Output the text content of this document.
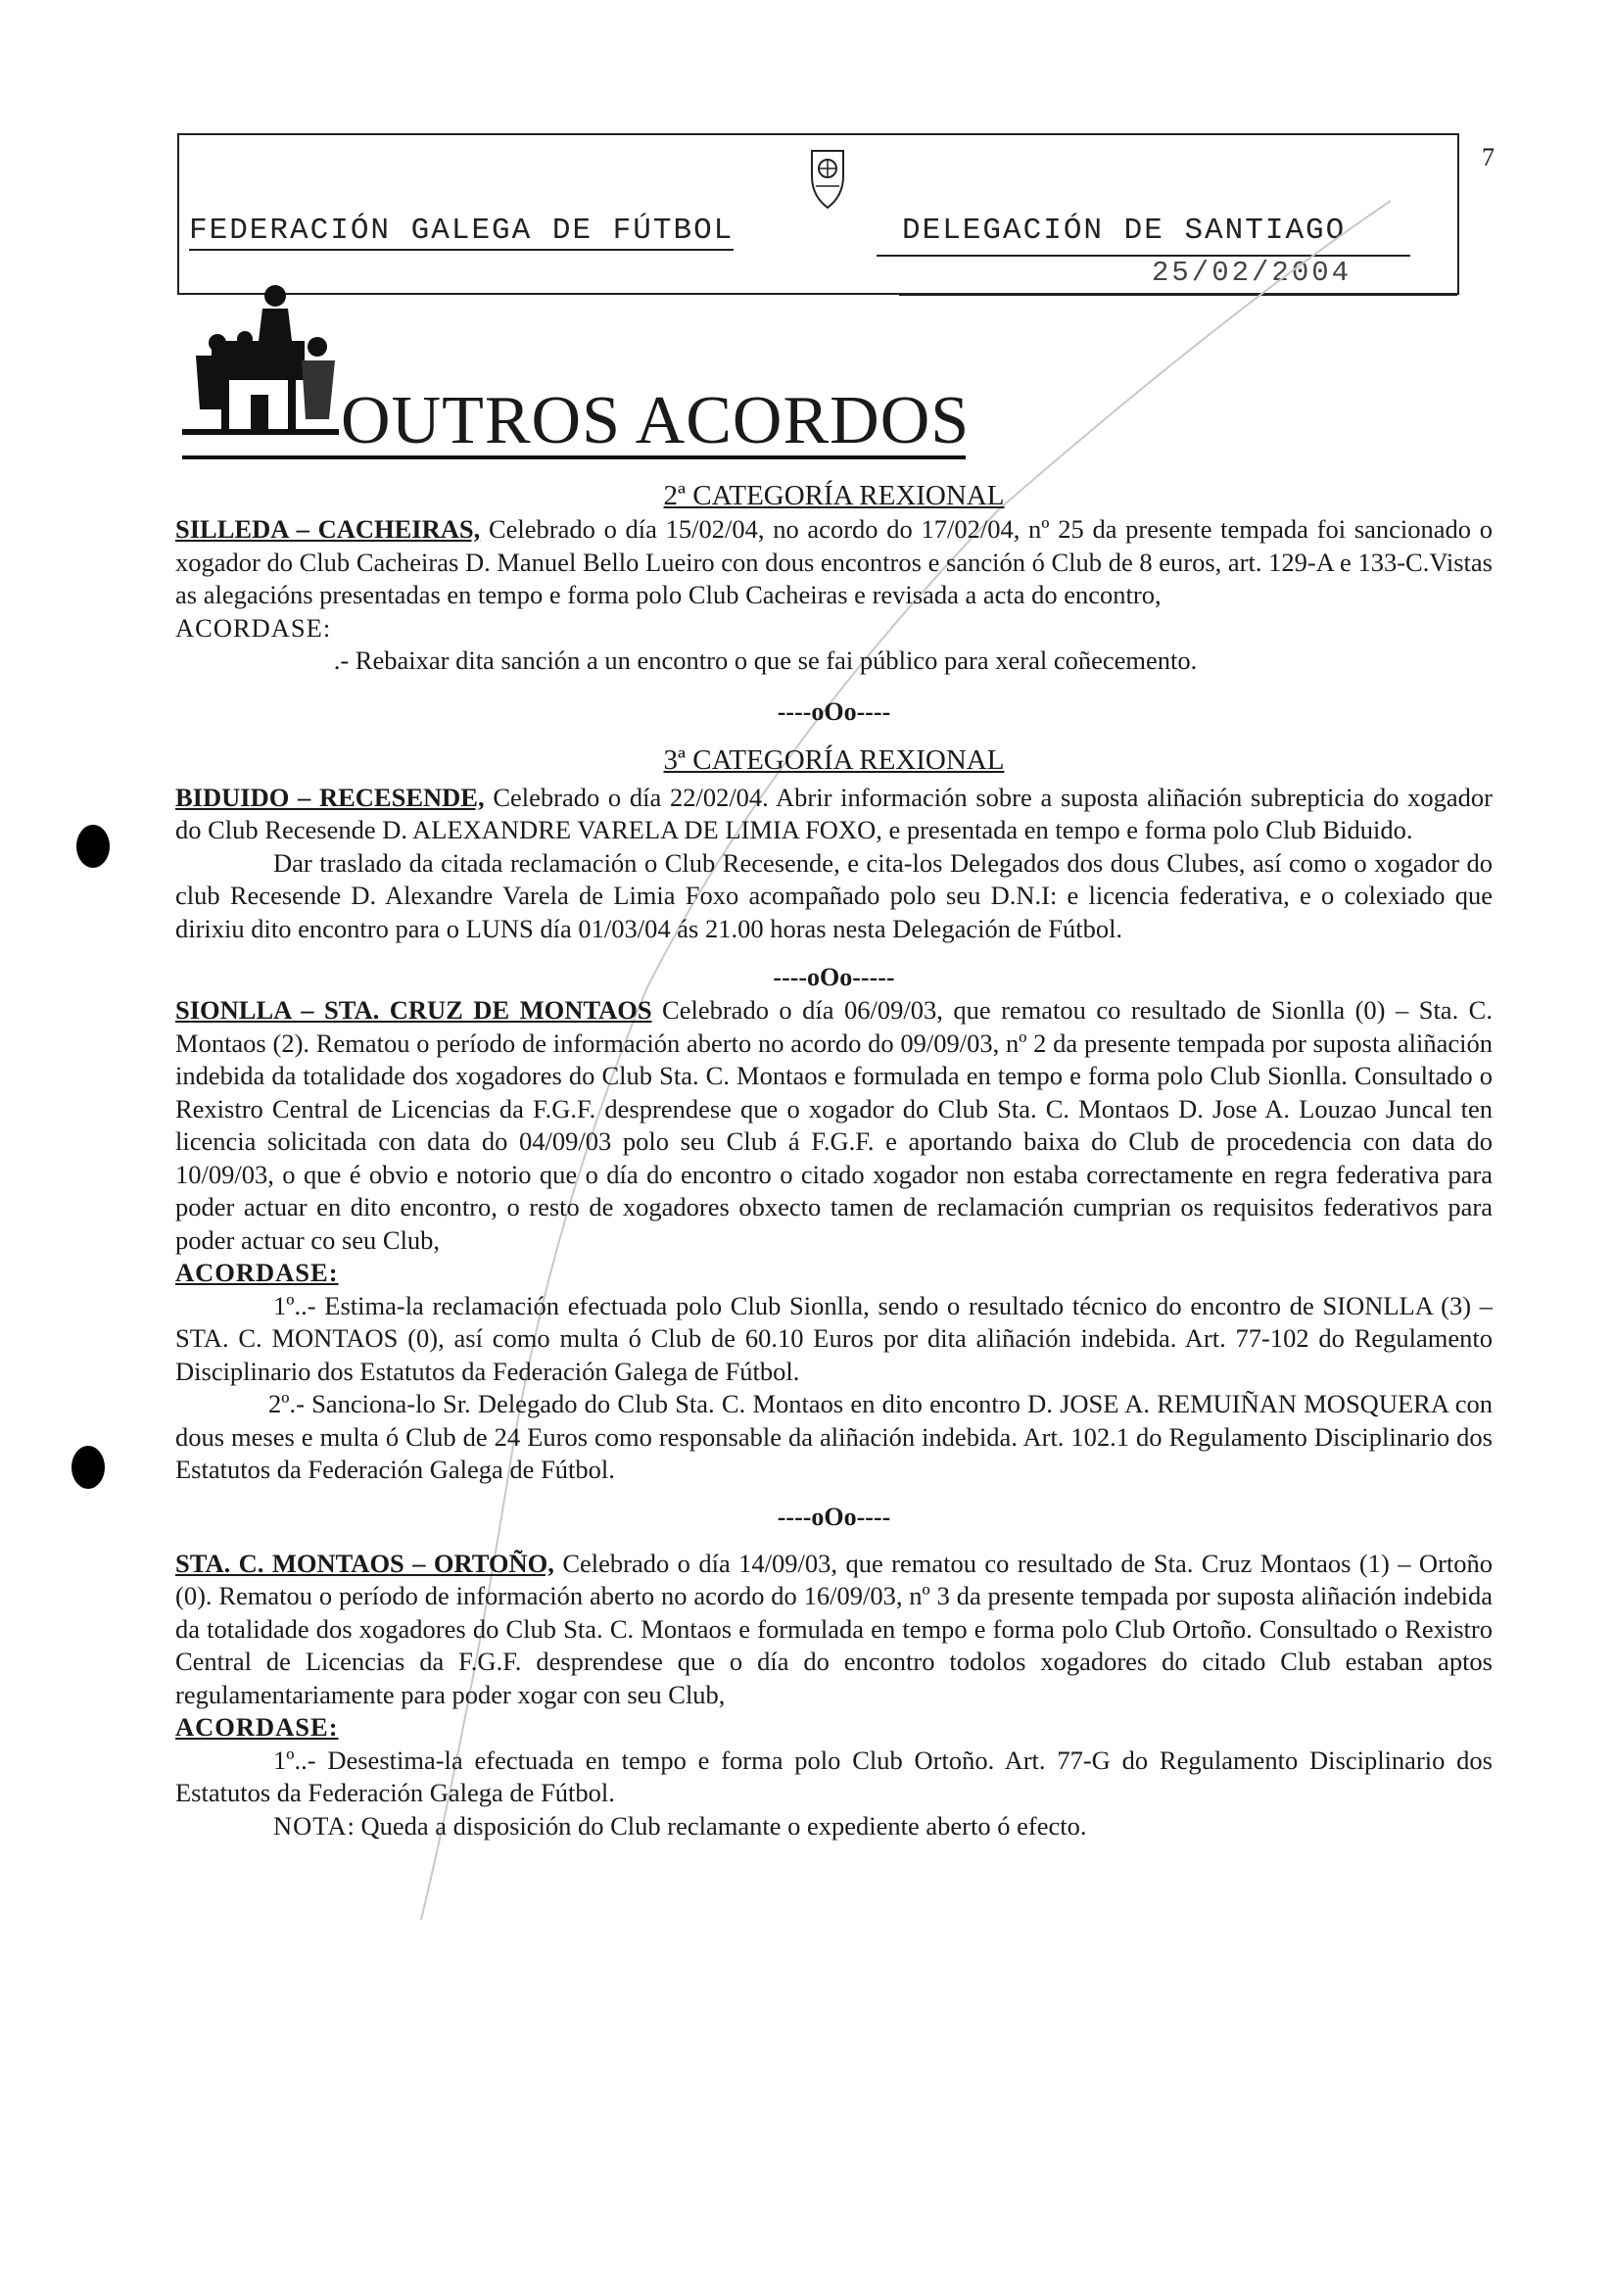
7
FEDERACIÓN GALEGA DE FÚTBOL	DELEGACIÓN DE SANTIAGO
25/02/2004
OUTROS ACORDOS
2ª CATEGORÍA REXIONAL

SILLEDA – CACHEIRAS, Celebrado o día 15/02/04, no acordo do 17/02/04, nº 25 da presente tempada foi sancionado o xogador do Club Cacheiras D. Manuel Bello Lueiro con dous encontros e sanción ó Club de 8 euros, art. 129-A e 133-C.Vistas as alegacións presentadas en tempo e forma polo Club Cacheiras e revisada a acta do encontro,

ACORDASE:

.- Rebaixar dita sanción a un encontro o que se fai público para xeral coñecemento.

----oOo----
3ª CATEGORÍA REXIONAL

BIDUIDO – RECESENDE, Celebrado o día 22/02/04. Abrir información sobre a suposta aliñación subrepticia do xogador do Club Recesende D. ALEXANDRE VARELA DE LIMIA FOXO, e presentada en tempo e forma polo Club Biduido.

Dar traslado da citada reclamación o Club Recesende, e cita-los Delegados dos dous Clubes, así como o xogador do club Recesende D. Alexandre Varela de Limia Foxo acompañado polo seu D.N.I: e licencia federativa, e o colexiado que dirixiu dito encontro para o LUNS día 01/03/04 ás 21.00 horas nesta Delegación de Fútbol.

----oOo-----

SIONLLA – STA. CRUZ DE MONTAOS Celebrado o día 06/09/03, que rematou co resultado de Sionlla (0) – Sta. C. Montaos (2). Rematou o período de información aberto no acordo do 09/09/03, nº 2 da presente tempada por suposta aliñación indebida da totalidade dos xogadores do Club Sta. C. Montaos e formulada en tempo e forma polo Club Sionlla. Consultado o Rexistro Central de Licencias da F.G.F. desprendese que o xogador do Club Sta. C. Montaos D. Jose A. Louzao Juncal ten licencia solicitada con data do 04/09/03 polo seu Club á F.G.F. e aportando baixa do Club de procedencia con data do 10/09/03, o que é obvio e notorio que o día do encontro o citado xogador non estaba correctamente en regra federativa para poder actuar en dito encontro, o resto de xogadores obxecto tamen de reclamación cumprian os requisitos federativos para poder actuar co seu Club,

ACORDASE:

1º..- Estima-la reclamación efectuada polo Club Sionlla, sendo o resultado técnico do encontro de SIONLLA (3) – STA. C. MONTAOS (0), así como multa ó Club de 60.10 Euros por dita aliñación indebida. Art. 77-102 do Regulamento Disciplinario dos Estatutos da Federación Galega de Fútbol.

2º.- Sanciona-lo Sr. Delegado do Club Sta. C. Montaos en dito encontro D. JOSE A. REMUIÑAN MOSQUERA con dous meses e multa ó Club de 24 Euros como responsable da aliñación indebida. Art. 102.1 do Regulamento Disciplinario dos Estatutos da Federación Galega de Fútbol.

----oOo----

STA. C. MONTAOS – ORTOÑO, Celebrado o día 14/09/03, que rematou co resultado de Sta. Cruz Montaos (1) – Ortoño (0). Rematou o período de información aberto no acordo do 16/09/03, nº 3 da presente tempada por suposta aliñación indebida da totalidade dos xogadores do Club Sta. C. Montaos e formulada en tempo e forma polo Club Ortoño. Consultado o Rexistro Central de Licencias da F.G.F. desprendese que o día do encontro todolos xogadores do citado Club estaban aptos regulamentariamente para poder xogar con seu Club,

ACORDASE:

1º..- Desestima-la efectuada en tempo e forma polo Club Ortoño. Art. 77-G do Regulamento Disciplinario dos Estatutos da Federación Galega de Fútbol.

NOTA: Queda a disposición do Club reclamante o expediente aberto ó efecto.
